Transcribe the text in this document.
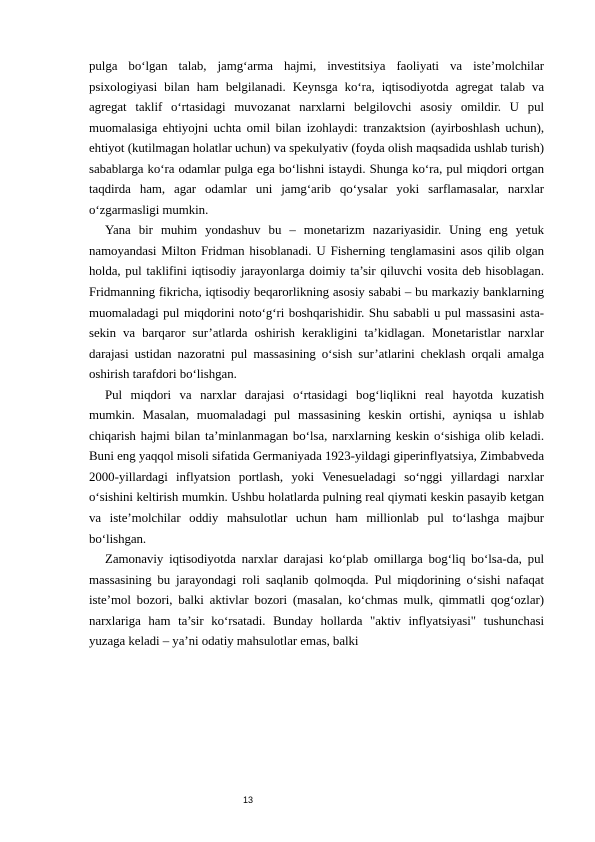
pulga bo‘lgan talab, jamg‘arma hajmi, investitsiya faoliyati va iste’molchilar psixologiyasi bilan ham belgilanadi. Keynsga ko‘ra, iqtisodiyotda agregat talab va agregat taklif o‘rtasidagi muvozanat narxlarni belgilovchi asosiy omildir. U pul muomalasiga ehtiyojni uchta omil bilan izohlaydi: tranzaktsion (ayirboshlash uchun), ehtiyot (kutilmagan holatlar uchun) va spekulyativ (foyda olish maqsadida ushlab turish) sabablarga ko‘ra odamlar pulga ega bo‘lishni istaydi. Shunga ko‘ra, pul miqdori ortgan taqdirda ham, agar odamlar uni jamg‘arib qo‘ysalar yoki sarflamasalar, narxlar o‘zgarmasligi mumkin.

Yana bir muhim yondashuv bu – monetarizm nazariyasidir. Uning eng yetuk namoyandasi Milton Fridman hisoblanadi. U Fisherning tenglamasini asos qilib olgan holda, pul taklifini iqtisodiy jarayonlarga doimiy ta’sir qiluvchi vosita deb hisoblagan. Fridmanning fikricha, iqtisodiy beqarorlikning asosiy sababi – bu markaziy banklarning muomaladagi pul miqdorini noto‘g‘ri boshqarishidir. Shu sababli u pul massasini asta-sekin va barqaror sur’atlarda oshirish kerakligini ta’kidlagan. Monetaristlar narxlar darajasi ustidan nazoratni pul massasining o‘sish sur’atlarini cheklash orqali amalga oshirish tarafdori bo‘lishgan.

Pul miqdori va narxlar darajasi o‘rtasidagi bog‘liqlikni real hayotda kuzatish mumkin. Masalan, muomaladagi pul massasining keskin ortishi, ayniqsa u ishlab chiqarish hajmi bilan ta’minlanmagan bo‘lsa, narxlarning keskin o‘sishiga olib keladi. Buni eng yaqqol misoli sifatida Germaniyada 1923-yildagi giperinflyatsiya, Zimbabveda 2000-yillardagi inflyatsion portlash, yoki Venesueladagi so‘nggi yillardagi narxlar o‘sishini keltirish mumkin. Ushbu holatlarda pulning real qiymati keskin pasayib ketgan va iste’molchilar oddiy mahsulotlar uchun ham millionlab pul to‘lashga majbur bo‘lishgan.

Zamonaviy iqtisodiyotda narxlar darajasi ko‘plab omillarga bog‘liq bo‘lsa-da, pul massasining bu jarayondagi roli saqlanib qolmoqda. Pul miqdorining o‘sishi nafaqat iste’mol bozori, balki aktivlar bozori (masalan, ko‘chmas mulk, qimmatli qog‘ozlar) narxlariga ham ta’sir ko‘rsatadi. Bunday hollarda "aktiv inflyatsiyasi" tushunchasi yuzaga keladi – ya’ni odatiy mahsulotlar emas, balki

13
